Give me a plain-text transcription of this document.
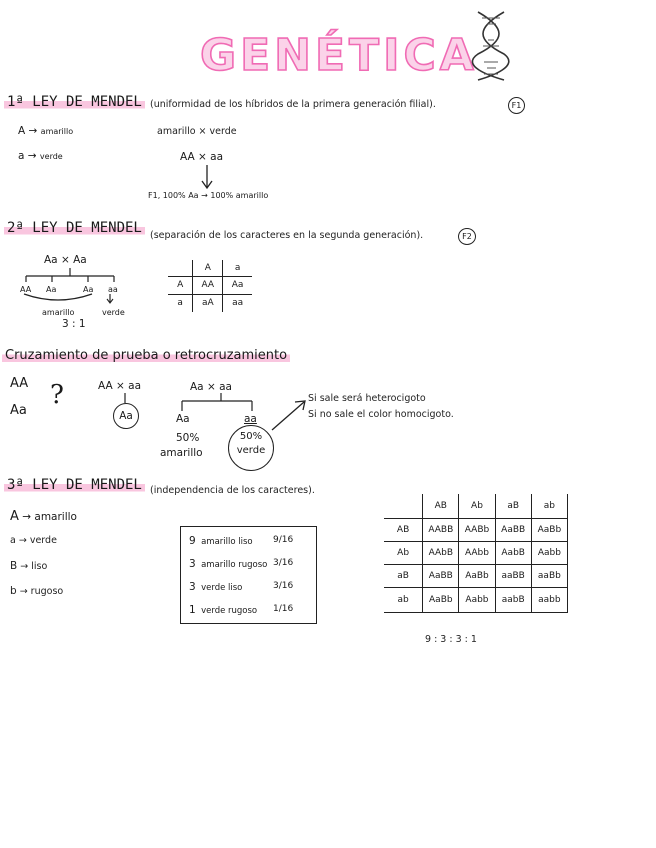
GENÉTICA
1ª LEY DE MENDEL (uniformidad de los híbridos de la primera generación filial).	F1
A → amarillo
a → verde
amarillo × verde
AA × aa
F1, 100% Aa → 100% amarillo
2ª LEY DE MENDEL (separación de los caracteres en la segunda generación).	F2
Aa × Aa
AA Aa	Aa aa
amarillo	verde
3 : 1
	A	a
A	AA	Aa
a	aA	aa
Cruzamiento de prueba o retrocruzamiento
AA
Aa
?	AA × aa
Aa
Aa × aa
Aa	aa
50%
amarillo
50%
verde
Si sale será heterocigoto
Si no sale el color homocigoto.
3ª LEY DE MENDEL (independencia de los caracteres).
A → amarillo
a → verde
B → liso
b → rugoso
9 amarillo liso 9/16
3 amarillo rugoso 3/16
3 verde liso	3/16
1 verde rugoso 1/16
	AB	Ab	aB	ab
AB	AABB	AABb	AaBB	AaBb
Ab	AAbB	AAbb	AabB	Aabb
aB	AaBB	AaBb	aaBB	aaBb
ab	AaBb	Aabb	aabB	aabb
9 : 3 : 3 : 1
